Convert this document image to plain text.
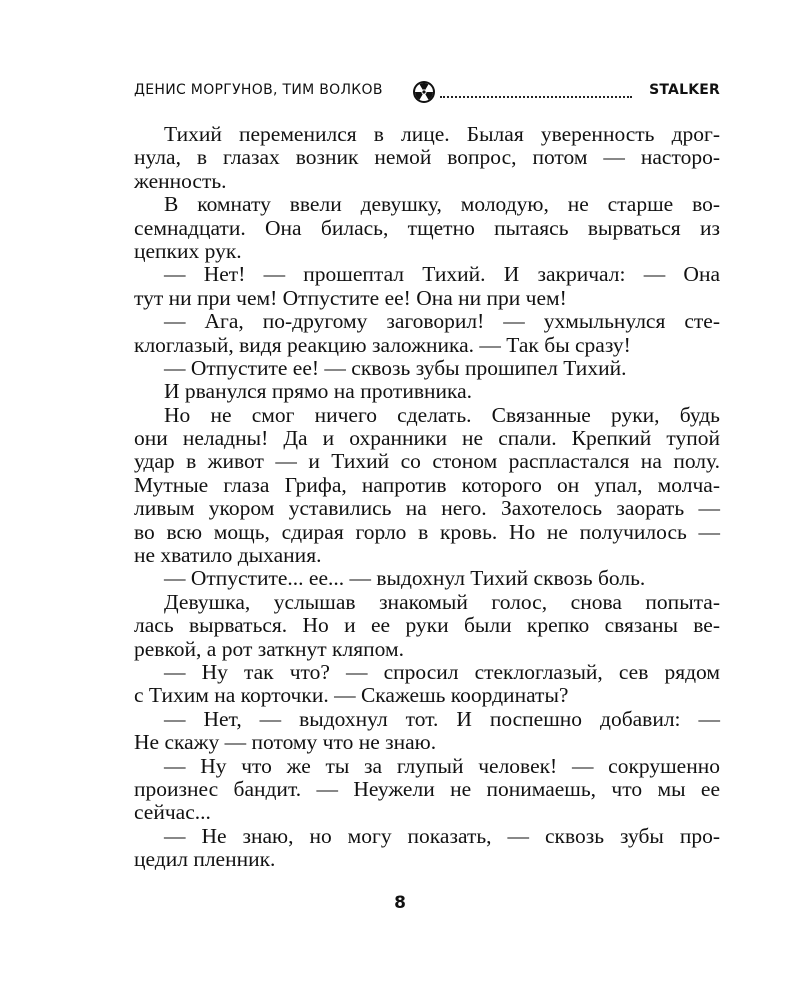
ДЕНИС МОРГУНОВ, ТИМ ВОЛКОВ	STALKER
Тихий переменился в лице. Былая уверенность дрог-
нула, в глазах возник немой вопрос, потом — насторо-
женность.
В комнату ввели девушку, молодую, не старше во-
семнадцати. Она билась, тщетно пытаясь вырваться из
цепких рук.
— Нет! — прошептал Тихий. И закричал: — Она
тут ни при чем! Отпустите ее! Она ни при чем!
— Ага, по-другому заговорил! — ухмыльнулся сте-
клоглазый, видя реакцию заложника. — Так бы сразу!
— Отпустите ее! — сквозь зубы прошипел Тихий.
И рванулся прямо на противника.
Но не смог ничего сделать. Связанные руки, будь
они неладны! Да и охранники не спали. Крепкий тупой
удар в живот — и Тихий со стоном распластался на полу.
Мутные глаза Грифа, напротив которого он упал, молча-
ливым укором уставились на него. Захотелось заорать —
во всю мощь, сдирая горло в кровь. Но не получилось —
не хватило дыхания.
— Отпустите... ее... — выдохнул Тихий сквозь боль.
Девушка, услышав знакомый голос, снова попыта-
лась вырваться. Но и ее руки были крепко связаны ве-
ревкой, а рот заткнут кляпом.
— Ну так что? — спросил стеклоглазый, сев рядом
с Тихим на корточки. — Скажешь координаты?
— Нет, — выдохнул тот. И поспешно добавил: —
Не скажу — потому что не знаю.
— Ну что же ты за глупый человек! — сокрушенно
произнес бандит. — Неужели не понимаешь, что мы ее
сейчас...
— Не знаю, но могу показать, — сквозь зубы про-
цедил пленник.
8
